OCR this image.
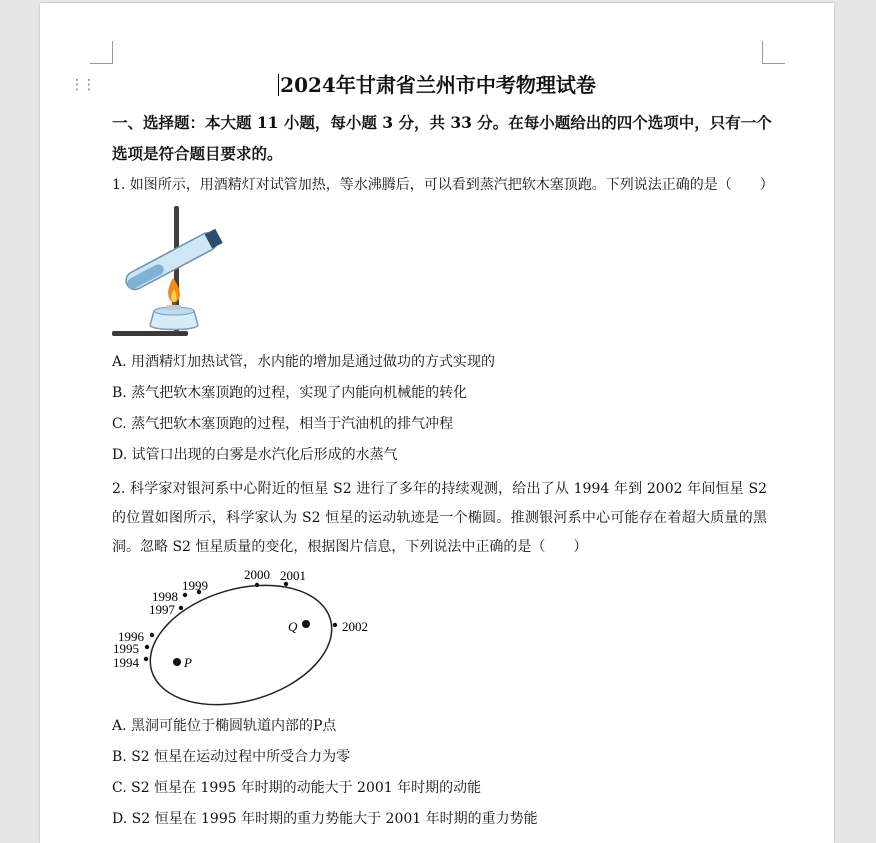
⋮⋮	2024年甘肃省兰州市中考物理试卷
一、选择题：本大题 11 小题，每小题 3 分，共 33 分。在每小题给出的四个选项中，只有一个选项是符合题目要求的。
1. 如图所示，用酒精灯对试管加热，等水沸腾后，可以看到蒸汽把软木塞顶跑。下列说法正确的是（　　）
A. 用酒精灯加热试管，水内能的增加是通过做功的方式实现的
B. 蒸气把软木塞顶跑的过程，实现了内能向机械能的转化
C. 蒸气把软木塞顶跑的过程，相当于汽油机的排气冲程
D. 试管口出现的白雾是水汽化后形成的水蒸气
2. 科学家对银河系中心附近的恒星 S2 进行了多年的持续观测，给出了从 1994 年到 2002 年间恒星 S2 的位置如图所示，科学家认为 S2 恒星的运动轨迹是一个椭圆。推测银河系中心可能存在着超大质量的黑洞。忽略 S2 恒星质量的变化，根据图片信息，下列说法中正确的是（　　）
1994
1995
1996
1997
1998
1999
2000 2001
2002
P
Q
A. 黑洞可能位于椭圆轨道内部的P点
B. S2 恒星在运动过程中所受合力为零
C. S2 恒星在 1995 年时期的动能大于 2001 年时期的动能
D. S2 恒星在 1995 年时期的重力势能大于 2001 年时期的重力势能
